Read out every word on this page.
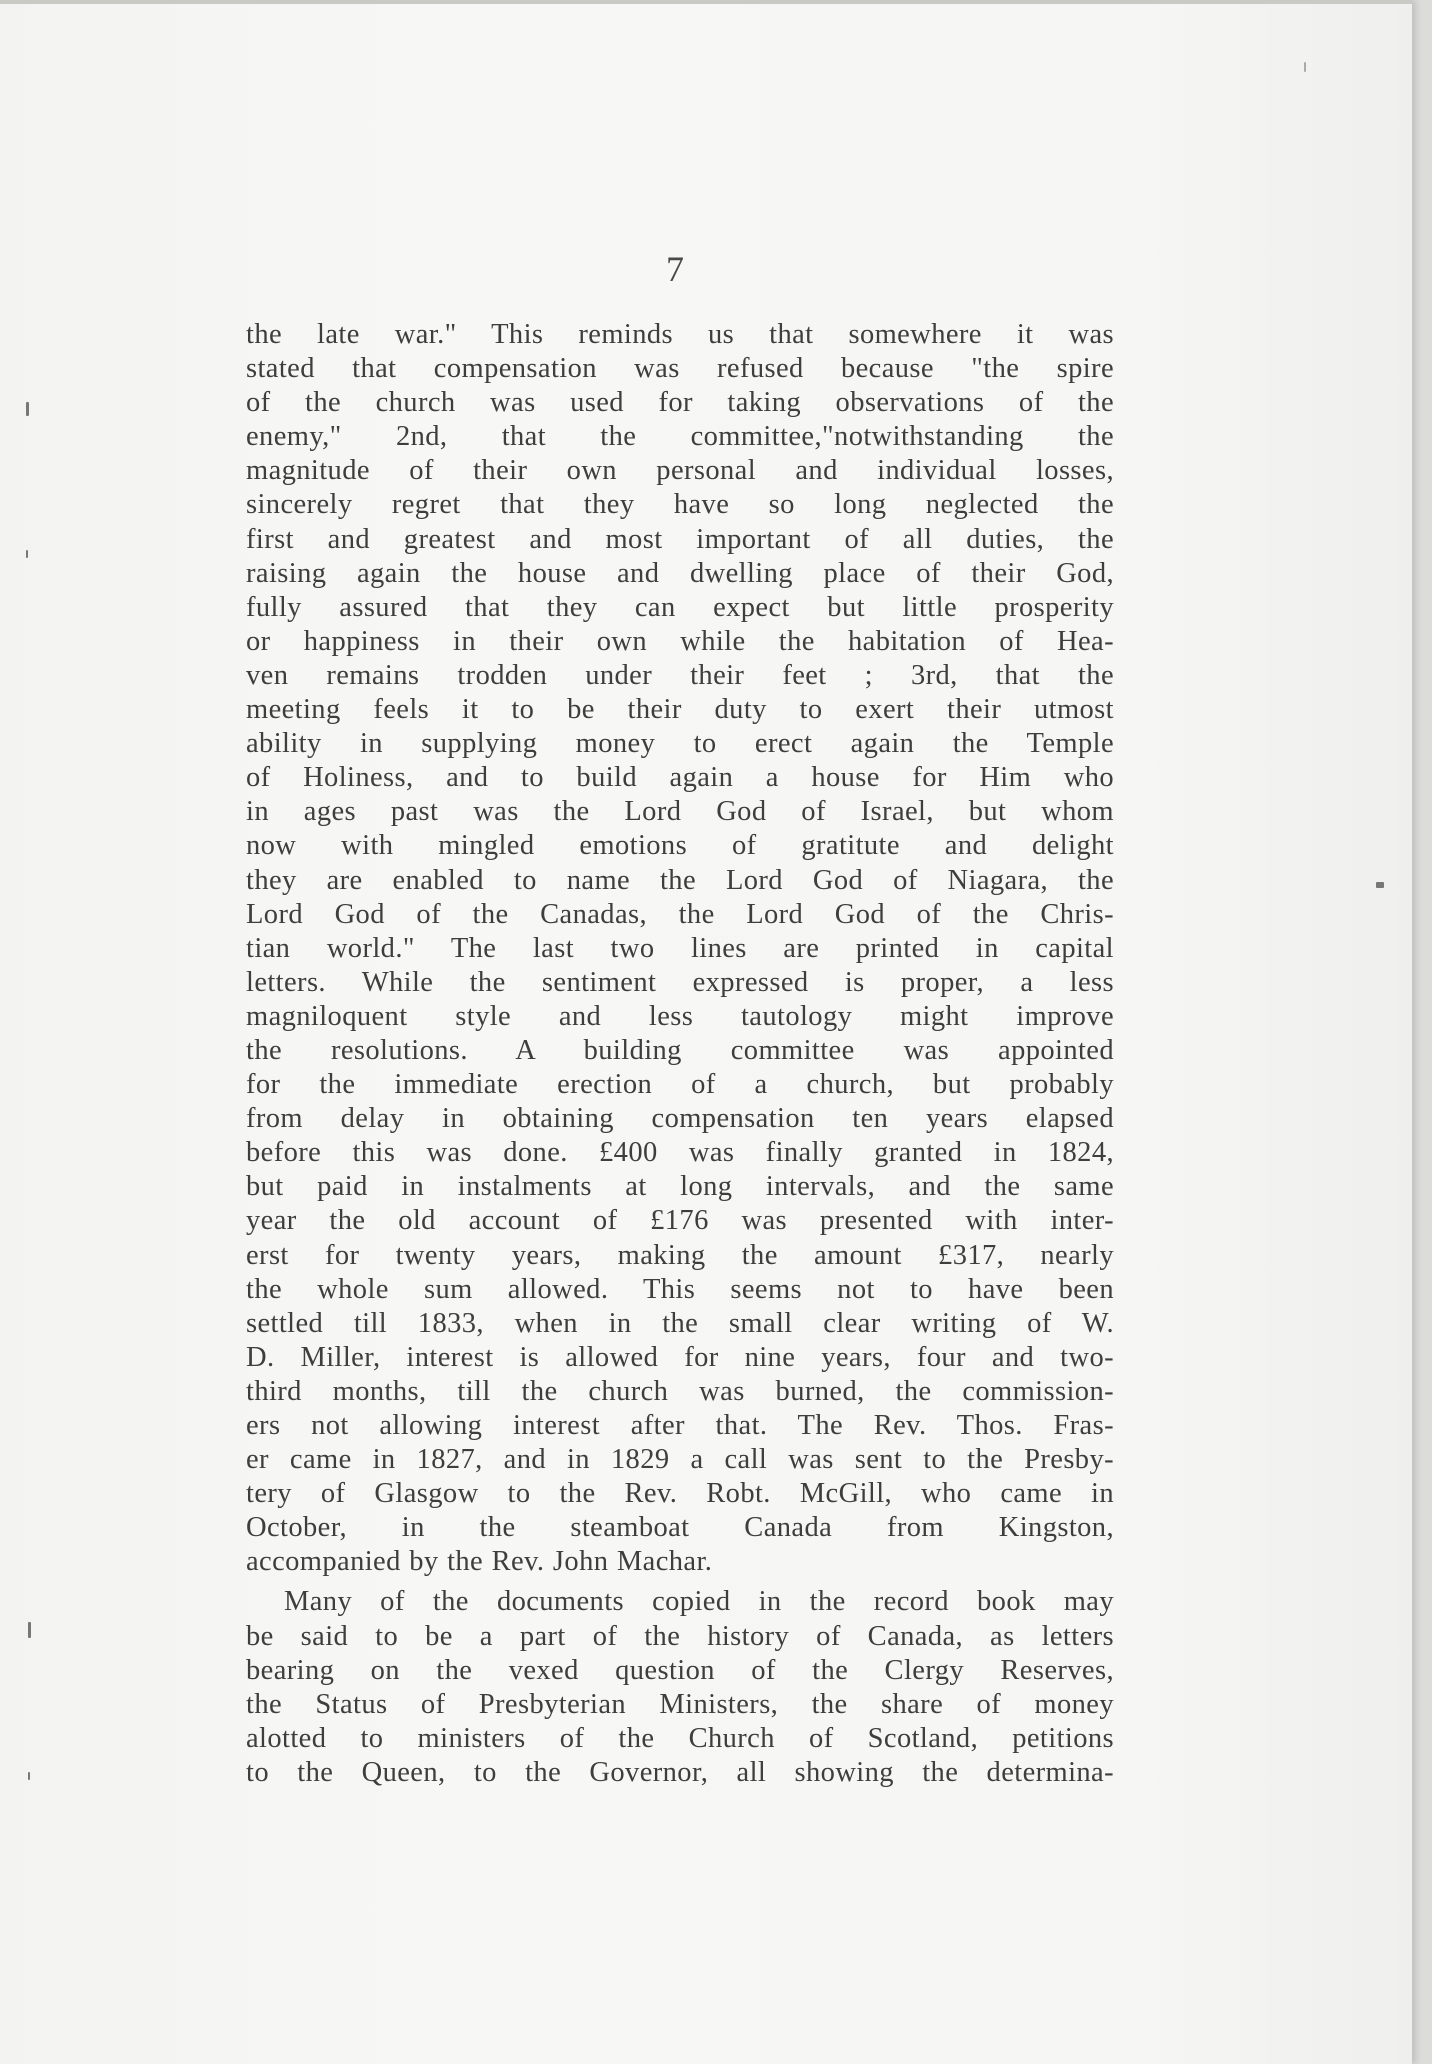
7

the late war." This reminds us that somewhere it was
stated that compensation was refused because "the spire
of the church was used for taking observations of the
enemy," 2nd, that the committee,"notwithstanding the
magnitude of their own personal and individual losses,
sincerely regret that they have so long neglected the
first and greatest and most important of all duties, the
raising again the house and dwelling place of their God,
fully assured that they can expect but little prosperity
or happiness in their own while the habitation of Hea-
ven remains trodden under their feet ; 3rd, that the
meeting feels it to be their duty to exert their utmost
ability in supplying money to erect again the Temple
of Holiness, and to build again a house for Him who
in ages past was the Lord God of Israel, but whom
now with mingled emotions of gratitute and delight
they are enabled to name the Lord God of Niagara, the
Lord God of the Canadas, the Lord God of the Chris-
tian world." The last two lines are printed in capital
letters. While the sentiment expressed is proper, a less
magniloquent style and less tautology might improve
the resolutions. A building committee was appointed
for the immediate erection of a church, but probably
from delay in obtaining compensation ten years elapsed
before this was done. £400 was finally granted in 1824,
but paid in instalments at long intervals, and the same
year the old account of £176 was presented with inter-
erst for twenty years, making the amount £317, nearly
the whole sum allowed. This seems not to have been
settled till 1833, when in the small clear writing of W.
D. Miller, interest is allowed for nine years, four and two-
third months, till the church was burned, the commission-
ers not allowing interest after that. The Rev. Thos. Fras-
er came in 1827, and in 1829 a call was sent to the Presby-
tery of Glasgow to the Rev. Robt. McGill, who came in
October, in the steamboat Canada from Kingston,
accompanied by the Rev. John Machar.

Many of the documents copied in the record book may
be said to be a part of the history of Canada, as letters
bearing on the vexed question of the Clergy Reserves,
the Status of Presbyterian Ministers, the share of money
alotted to ministers of the Church of Scotland, petitions
to the Queen, to the Governor, all showing the determina-
